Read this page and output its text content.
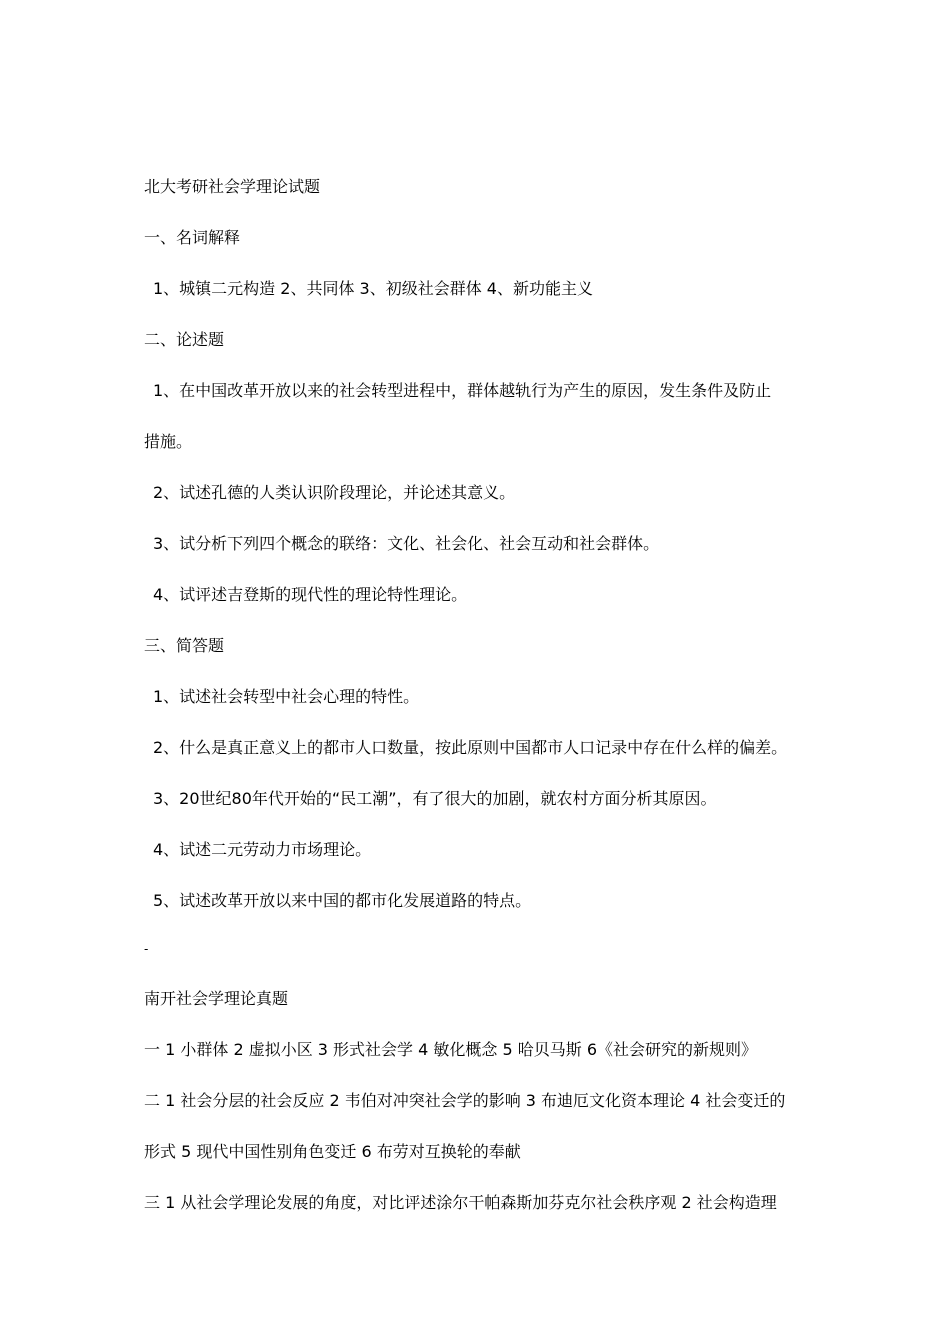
北大考研社会学理论试题
一、名词解释
1、城镇二元构造 2、共同体 3、初级社会群体 4、新功能主义
二、论述题
1、在中国改革开放以来的社会转型进程中，群体越轨行为产生的原因，发生条件及防止
措施。
2、试述孔德的人类认识阶段理论，并论述其意义。
3、试分析下列四个概念的联络：文化、社会化、社会互动和社会群体。
4、试评述吉登斯的现代性的理论特性理论。
三、简答题
1、试述社会转型中社会心理的特性。
2、什么是真正意义上的都市人口数量，按此原则中国都市人口记录中存在什么样的偏差。
3、20世纪80年代开始的“民工潮”，有了很大的加剧，就农村方面分析其原因。
4、试述二元劳动力市场理论。
5、试述改革开放以来中国的都市化发展道路的特点。
-
南开社会学理论真题
一 1 小群体 2 虚拟小区 3 形式社会学 4 敏化概念 5 哈贝马斯 6《社会研究的新规则》
二 1 社会分层的社会反应 2 韦伯对冲突社会学的影响 3 布迪厄文化资本理论 4 社会变迁的
形式 5 现代中国性别角色变迁 6 布劳对互换轮的奉献
三 1 从社会学理论发展的角度，对比评述涂尔干帕森斯加芬克尔社会秩序观 2 社会构造理
